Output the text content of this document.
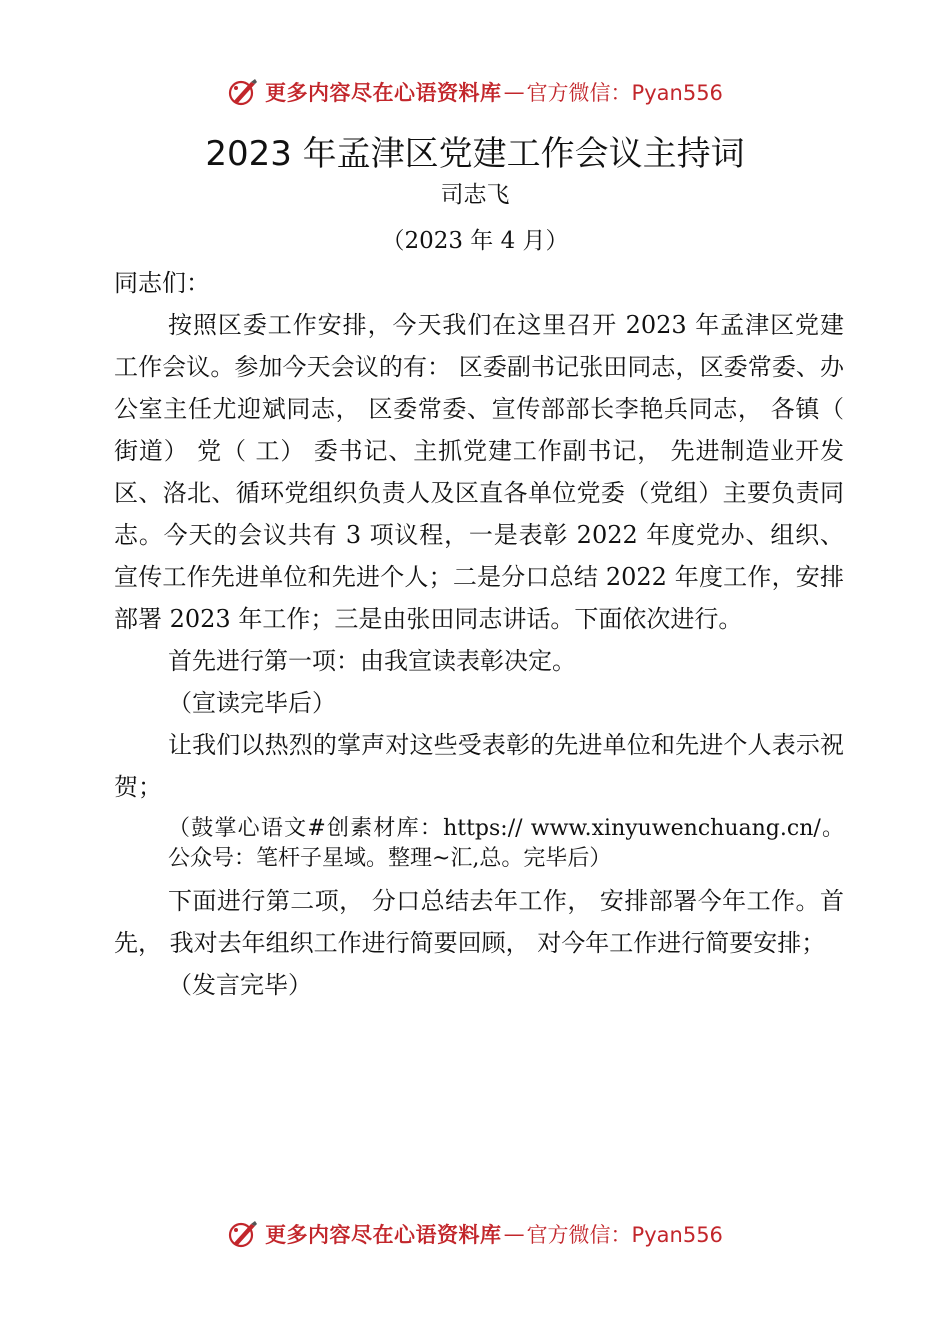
更多内容尽在心语资料库 — 官方微信：Pyan556
2023 年孟津区党建工作会议主持词
司志飞
（2023 年 4 月）

同志们：

按照区委工作安排，今天我们在这里召开 2023 年孟津区党建工作会议。参加今天会议的有： 区委副书记张田同志，区委常委、办公室主任尤迎斌同志， 区委常委、宣传部部长李艳兵同志， 各镇（ 街道） 党（ 工） 委书记、主抓党建工作副书记， 先进制造业开发区、洛北、循环党组织负责人及区直各单位党委（党组）主要负责同志。今天的会议共有 3 项议程，一是表彰 2022 年度党办、组织、宣传工作先进单位和先进个人；二是分口总结 2022 年度工作，安排部署 2023 年工作；三是由张田同志讲话。下面依次进行。

首先进行第一项：由我宣读表彰决定。

（宣读完毕后）

让我们以热烈的掌声对这些受表彰的先进单位和先进个人表示祝贺；

（鼓掌心语文#创素材库：https:// www.xinyuwenchuang.cn/。公众号：笔杆子星域。整理~汇,总。完毕后）

下面进行第二项， 分口总结去年工作， 安排部署今年工作。首先， 我对去年组织工作进行简要回顾， 对今年工作进行简要安排；

（发言完毕）

更多内容尽在心语资料库 — 官方微信：Pyan556
